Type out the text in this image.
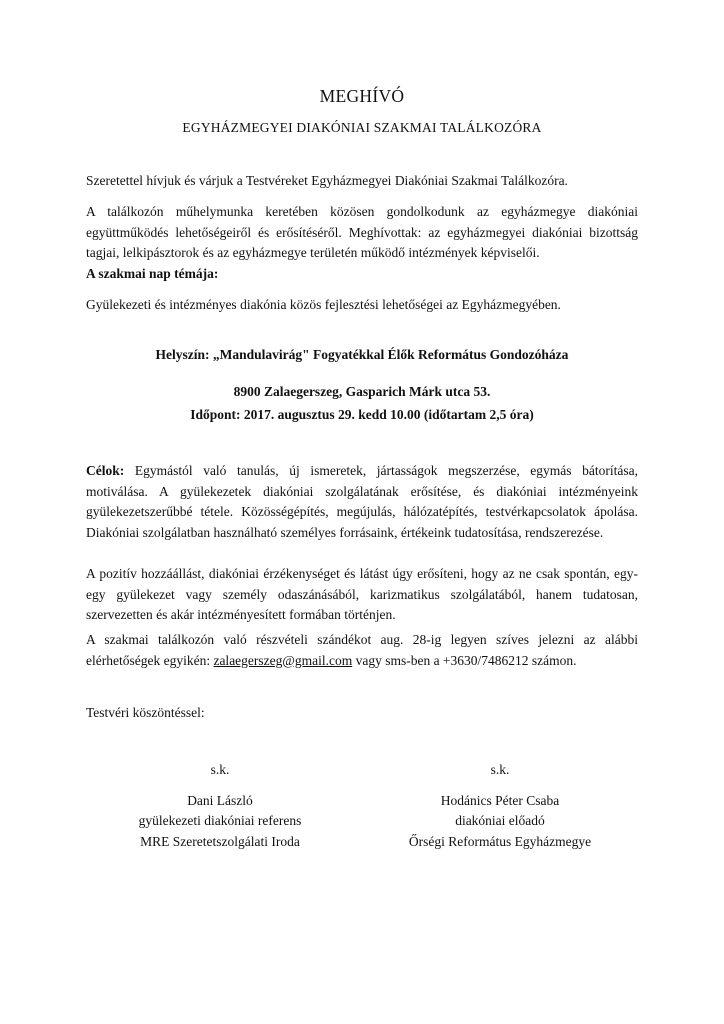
MEGHÍVÓ
EGYHÁZMEGYEI DIAKÓNIAI SZAKMAI TALÁLKOZÓRA
Szeretettel hívjuk és várjuk a Testvéreket Egyházmegyei Diakóniai Szakmai Találkozóra.
A találkozón műhelymunka keretében közösen gondolkodunk az egyházmegye diakóniai együttműködés lehetőségeiről és erősítéséről. Meghívottak: az egyházmegyei diakóniai bizottság tagjai, lelkipásztorok és az egyházmegye területén működő intézmények képviselői.
A szakmai nap témája:
Gyülekezeti és intézményes diakónia közös fejlesztési lehetőségei az Egyházmegyében.
Helyszín: „Mandulavirág" Fogyatékkal Élők Református Gondozóháza
8900 Zalaegerszeg, Gasparich Márk utca 53.
Időpont: 2017. augusztus 29. kedd 10.00 (időtartam 2,5 óra)
Célok: Egymástól való tanulás, új ismeretek, jártasságok megszerzése, egymás bátorítása, motiválása. A gyülekezetek diakóniai szolgálatának erősítése, és diakóniai intézményeink gyülekezetszerűbbé tétele. Közösségépítés, megújulás, hálózatépítés, testvérkapcsolatok ápolása. Diakóniai szolgálatban használható személyes forrásaink, értékeink tudatosítása, rendszerezése.
A pozitív hozzáállást, diakóniai érzékenységet és látást úgy erősíteni, hogy az ne csak spontán, egy-egy gyülekezet vagy személy odaszánásából, karizmatikus szolgálatából, hanem tudatosan, szervezetten és akár intézményesített formában történjen.
A szakmai találkozón való részvételi szándékot aug. 28-ig legyen szíves jelezni az alábbi elérhetőségek egyikén: zalaegerszeg@gmail.com vagy sms-ben a +3630/7486212 számon.
Testvéri köszöntéssel:
s.k.
Dani László
gyülekezeti diakóniai referens
MRE Szeretetszolgálati Iroda
s.k.
Hodánics Péter Csaba
diakóniai előadó
Őrségi Református Egyházmegye
